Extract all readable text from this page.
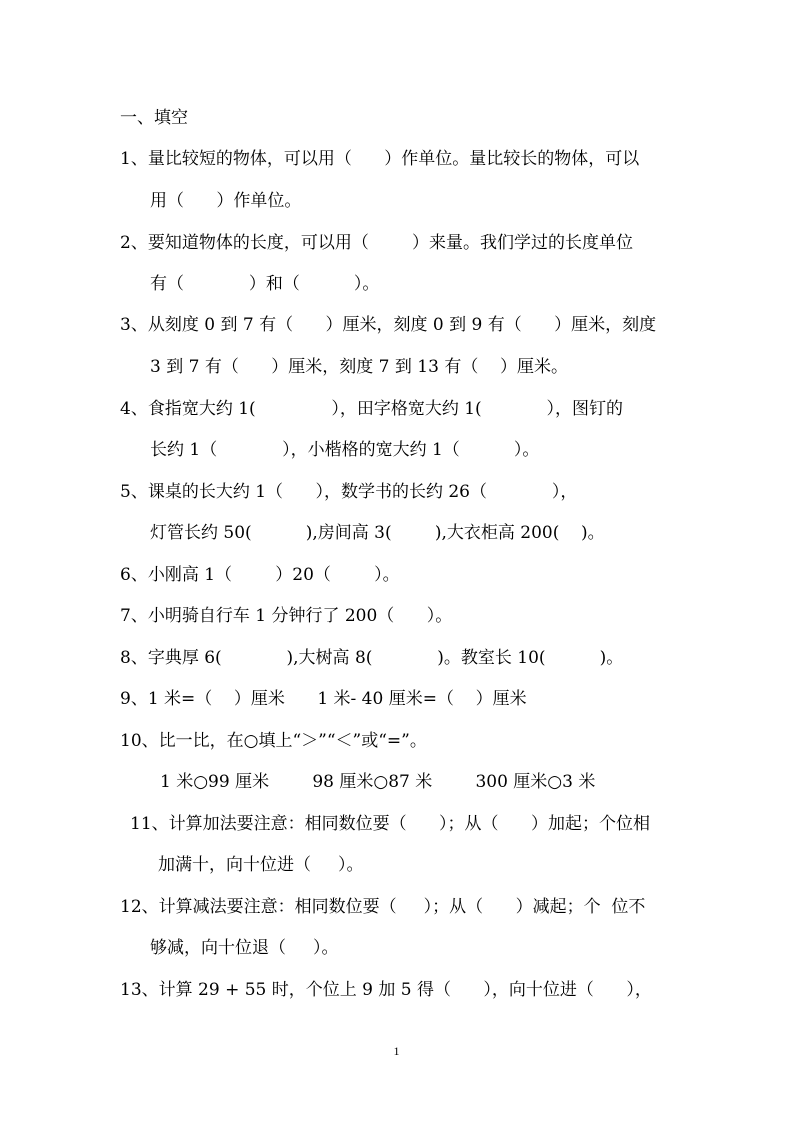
一、填空
1、量比较短的物体，可以用（      ）作单位。量比较长的物体，可以
用（      ）作单位。
2、要知道物体的长度，可以用（        ）来量。我们学过的长度单位
有（            ）和（          ）。
3、从刻度 0 到 7 有（      ）厘米，刻度 0 到 9 有（      ）厘米，刻度
3 到 7 有（      ）厘米，刻度 7 到 13 有（    ）厘米。
4、食指宽大约 1(              ），田字格宽大约 1(            ），图钉的
长约 1（            ），小楷格的宽大约 1（          ）。
5、课桌的长大约 1（      ），数学书的长约 26（            ），
灯管长约 50(          ),房间高 3(        ),大衣柜高 200(    )。
6、小刚高 1（        ）20（        ）。
7、小明骑自行车 1 分钟行了 200（      ）。
8、字典厚 6(            ),大树高 8(            )。教室长 10(          )。
9、1 米=（    ）厘米      1 米- 40 厘米=（    ）厘米
10、比一比，在○填上“＞”“＜”或“=”。
1 米○99 厘米        98 厘米○87 米        300 厘米○3 米
11、计算加法要注意：相同数位要（      ）；从（      ）加起；个位相
加满十，向十位进（     ）。
12、计算减法要注意：相同数位要（     ）；从（      ）减起；个  位不
够减，向十位退（     ）。
13、计算 29 + 55 时，个位上 9 加 5 得（      ），向十位进（      ），
1
